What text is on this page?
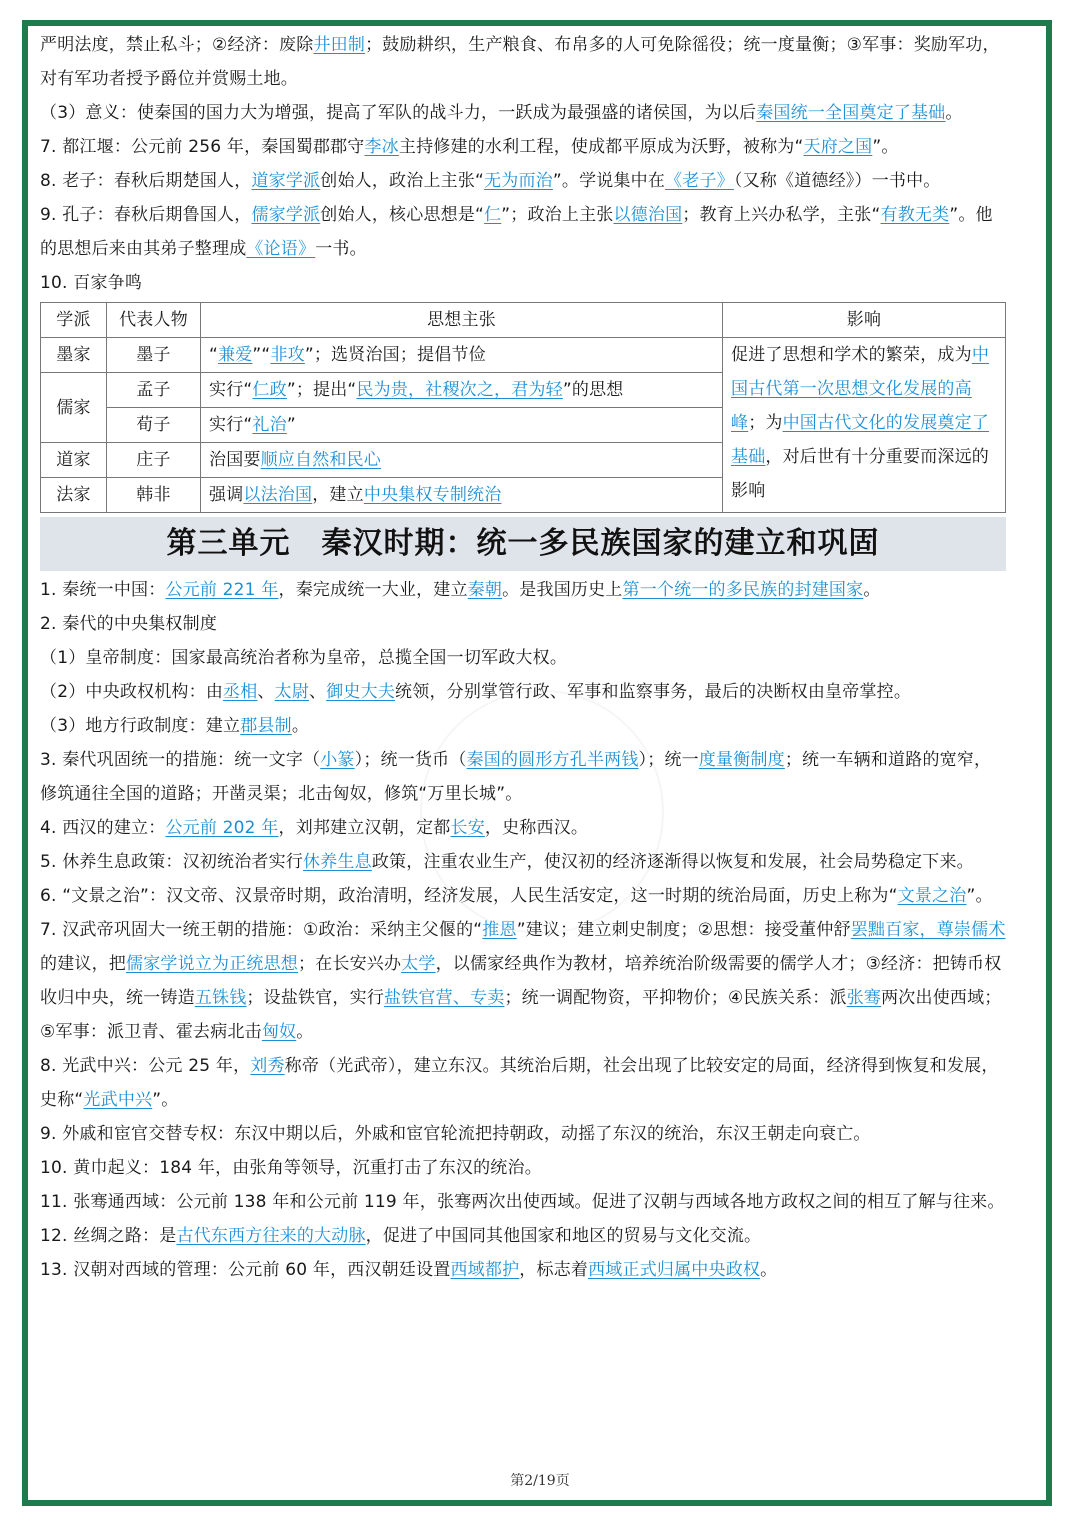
严明法度，禁止私斗；②经济：废除井田制；鼓励耕织，生产粮食、布帛多的人可免除徭役；统一度量衡；③军事：奖励军功，对有军功者授予爵位并赏赐土地。

（3）意义：使秦国的国力大为增强，提高了军队的战斗力，一跃成为最强盛的诸侯国，为以后秦国统一全国奠定了基础。

7. 都江堰：公元前 256 年，秦国蜀郡郡守李冰主持修建的水利工程，使成都平原成为沃野，被称为“天府之国”。

8. 老子：春秋后期楚国人，道家学派创始人，政治上主张“无为而治”。学说集中在《老子》（又称《道德经》）一书中。

9. 孔子：春秋后期鲁国人，儒家学派创始人，核心思想是“仁”；政治上主张以德治国；教育上兴办私学，主张“有教无类”。他的思想后来由其弟子整理成《论语》一书。

10. 百家争鸣

学派	代表人物	思想主张	影响
墨家	墨子	“兼爱”“非攻”；选贤治国；提倡节俭	促进了思想和学术的繁荣，成为中国古代第一次思想文化发展的高峰；为中国古代文化的发展奠定了基础，对后世有十分重要而深远的影响
儒家	孟子	实行“仁政”；提出“民为贵，社稷次之，君为轻”的思想	
	荀子	实行“礼治”	
道家	庄子	治国要顺应自然和民心	
法家	韩非	强调以法治国，建立中央集权专制统治	
第三单元　秦汉时期：统一多民族国家的建立和巩固

1. 秦统一中国：公元前 221 年，秦完成统一大业，建立秦朝。是我国历史上第一个统一的多民族的封建国家。

2. 秦代的中央集权制度

（1）皇帝制度：国家最高统治者称为皇帝，总揽全国一切军政大权。

（2）中央政权机构：由丞相、太尉、御史大夫统领，分别掌管行政、军事和监察事务，最后的决断权由皇帝掌控。

（3）地方行政制度：建立郡县制。

3. 秦代巩固统一的措施：统一文字（小篆）；统一货币（秦国的圆形方孔半两钱）；统一度量衡制度；统一车辆和道路的宽窄，修筑通往全国的道路；开凿灵渠；北击匈奴，修筑“万里长城”。

4. 西汉的建立：公元前 202 年，刘邦建立汉朝，定都长安，史称西汉。

5. 休养生息政策：汉初统治者实行休养生息政策，注重农业生产，使汉初的经济逐渐得以恢复和发展，社会局势稳定下来。

6. “文景之治”：汉文帝、汉景帝时期，政治清明，经济发展，人民生活安定，这一时期的统治局面，历史上称为“文景之治”。

7. 汉武帝巩固大一统王朝的措施：①政治：采纳主父偃的“推恩”建议；建立刺史制度；②思想：接受董仲舒罢黜百家，尊崇儒术的建议，把儒家学说立为正统思想；在长安兴办太学，以儒家经典作为教材，培养统治阶级需要的儒学人才；③经济：把铸币权收归中央，统一铸造五铢钱；设盐铁官，实行盐铁官营、专卖；统一调配物资，平抑物价；④民族关系：派张骞两次出使西域；⑤军事：派卫青、霍去病北击匈奴。

8. 光武中兴：公元 25 年，刘秀称帝（光武帝），建立东汉。其统治后期，社会出现了比较安定的局面，经济得到恢复和发展，史称“光武中兴”。

9. 外戚和宦官交替专权：东汉中期以后，外戚和宦官轮流把持朝政，动摇了东汉的统治，东汉王朝走向衰亡。

10. 黄巾起义：184 年，由张角等领导，沉重打击了东汉的统治。

11. 张骞通西域：公元前 138 年和公元前 119 年，张骞两次出使西域。促进了汉朝与西域各地方政权之间的相互了解与往来。

12. 丝绸之路：是古代东西方往来的大动脉，促进了中国同其他国家和地区的贸易与文化交流。

13. 汉朝对西域的管理：公元前 60 年，西汉朝廷设置西域都护，标志着西域正式归属中央政权。

第2/19页
